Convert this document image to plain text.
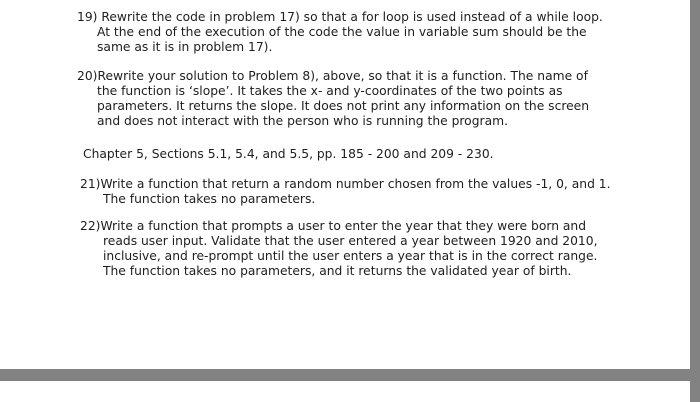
19) Rewrite the code in problem 17) so that a for loop is used instead of a while loop.
At the end of the execution of the code the value in variable sum should be the
same as it is in problem 17).
20)Rewrite your solution to Problem 8), above, so that it is a function. The name of
the function is ‘slope’. It takes the x- and y-coordinates of the two points as
parameters. It returns the slope. It does not print any information on the screen
and does not interact with the person who is running the program.
Chapter 5, Sections 5.1, 5.4, and 5.5, pp. 185 - 200 and 209 - 230.
21)Write a function that return a random number chosen from the values -1, 0, and 1.
The function takes no parameters.
22)Write a function that prompts a user to enter the year that they were born and
reads user input. Validate that the user entered a year between 1920 and 2010,
inclusive, and re-prompt until the user enters a year that is in the correct range.
The function takes no parameters, and it returns the validated year of birth.
